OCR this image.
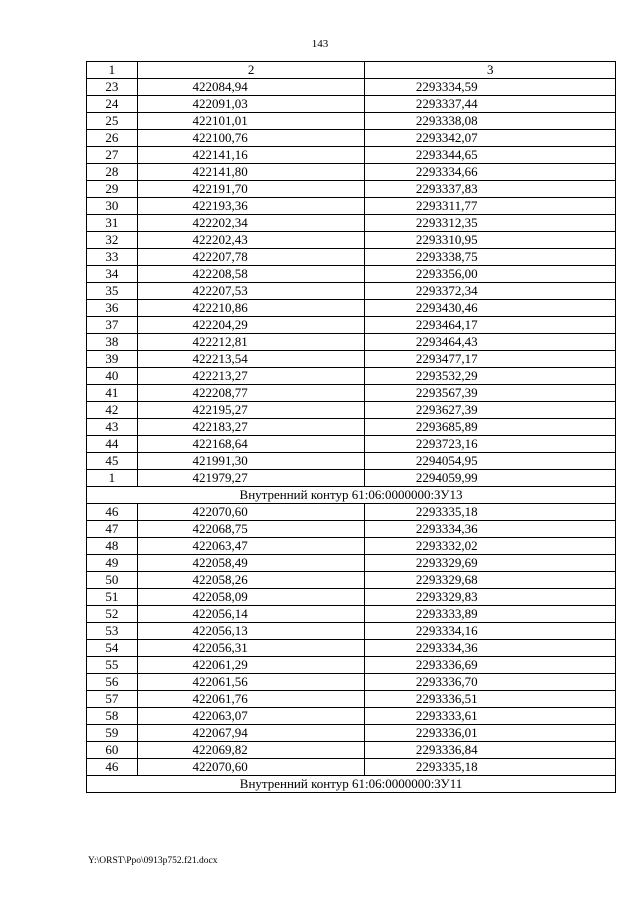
143
1	2	3
23	422084,94	2293334,59
24	422091,03	2293337,44
25	422101,01	2293338,08
26	422100,76	2293342,07
27	422141,16	2293344,65
28	422141,80	2293334,66
29	422191,70	2293337,83
30	422193,36	2293311,77
31	422202,34	2293312,35
32	422202,43	2293310,95
33	422207,78	2293338,75
34	422208,58	2293356,00
35	422207,53	2293372,34
36	422210,86	2293430,46
37	422204,29	2293464,17
38	422212,81	2293464,43
39	422213,54	2293477,17
40	422213,27	2293532,29
41	422208,77	2293567,39
42	422195,27	2293627,39
43	422183,27	2293685,89
44	422168,64	2293723,16
45	421991,30	2294054,95
1	421979,27	2294059,99
Внутренний контур 61:06:0000000:ЗУ13		
46	422070,60	2293335,18
47	422068,75	2293334,36
48	422063,47	2293332,02
49	422058,49	2293329,69
50	422058,26	2293329,68
51	422058,09	2293329,83
52	422056,14	2293333,89
53	422056,13	2293334,16
54	422056,31	2293334,36
55	422061,29	2293336,69
56	422061,56	2293336,70
57	422061,76	2293336,51
58	422063,07	2293333,61
59	422067,94	2293336,01
60	422069,82	2293336,84
46	422070,60	2293335,18
Внутренний контур 61:06:0000000:ЗУ11		
Y:\ORST\Ppo\0913p752.f21.docx
